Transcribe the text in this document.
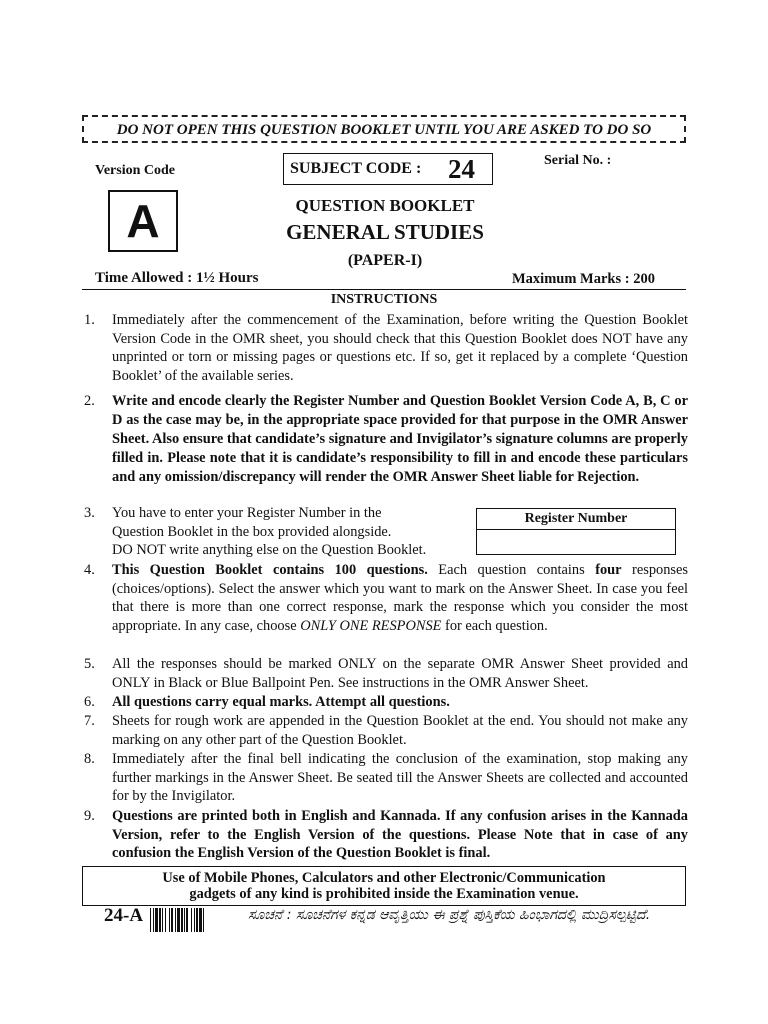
DO NOT OPEN THIS QUESTION BOOKLET UNTIL YOU ARE ASKED TO DO SO
Version Code
A
SUBJECT CODE : 24	Serial No. :
QUESTION BOOKLET
GENERAL STUDIES
(PAPER-I)
Time Allowed : 1½ Hours	Maximum Marks : 200
INSTRUCTIONS
1. Immediately after the commencement of the Examination, before writing the Question Booklet Version Code in the OMR sheet, you should check that this Question Booklet does NOT have any unprinted or torn or missing pages or questions etc. If so, get it replaced by a complete ‘Question Booklet’ of the available series.
2. Write and encode clearly the Register Number and Question Booklet Version Code A, B, C or D as the case may be, in the appropriate space provided for that purpose in the OMR Answer Sheet. Also ensure that candidate’s signature and Invigilator’s signature columns are properly filled in. Please note that it is candidate’s responsibility to fill in and encode these particulars and any omission/discrepancy will render the OMR Answer Sheet liable for Rejection.
3. You have to enter your Register Number in the
Question Booklet in the box provided alongside.
DO NOT write anything else on the Question Booklet.
Register Number
4. This Question Booklet contains 100 questions. Each question contains four responses (choices/options). Select the answer which you want to mark on the Answer Sheet. In case you feel that there is more than one correct response, mark the response which you consider the most appropriate. In any case, choose ONLY ONE RESPONSE for each question.
5. All the responses should be marked ONLY on the separate OMR Answer Sheet provided and ONLY in Black or Blue Ballpoint Pen. See instructions in the OMR Answer Sheet.
6. All questions carry equal marks. Attempt all questions.
7. Sheets for rough work are appended in the Question Booklet at the end. You should not make any marking on any other part of the Question Booklet.
8. Immediately after the final bell indicating the conclusion of the examination, stop making any further markings in the Answer Sheet. Be seated till the Answer Sheets are collected and accounted for by the Invigilator.
9. Questions are printed both in English and Kannada. If any confusion arises in the Kannada Version, refer to the English Version of the questions. Please Note that in case of any confusion the English Version of the Question Booklet is final.
Use of Mobile Phones, Calculators and other Electronic/Communication
gadgets of any kind is prohibited inside the Examination venue.
24-A	ಸೂಚನೆ : ಸೂಚನೆಗಳ ಕನ್ನಡ ಆವೃತ್ತಿಯು ಈ ಪ್ರಶ್ನೆ ಪುಸ್ತಿಕೆಯ ಹಿಂಭಾಗದಲ್ಲಿ ಮುದ್ರಿಸಲ್ಪಟ್ಟಿದೆ.
